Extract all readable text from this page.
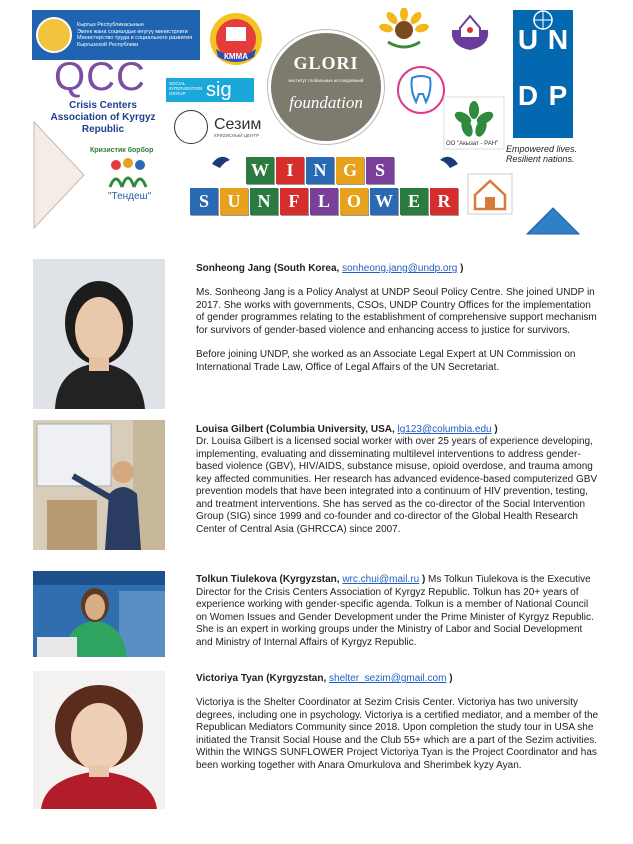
Кыргыз Республикасынын
Эмгек жана социалдык өнүгүү министрлиги
Министерство труда и социального развития
Кыргызской Республики
КММА	GLORI
институт глобальных исследований
foundation
U N
D P
Empowered lives.
Resilient nations.
QCC
Crisis Centers Association of Kyrgyz Republic
SOCIAL INTERVENTION GROUP	sig
Сезим
КРИЗИСНЫЙ ЦЕНТР
ОО "Акызат - РАН"
Кризистик борбор
"Тендеш"
W I	N G S
S	U N	F	L O W E R
Sonheong Jang (South Korea, sonheong.jang@undp.org )
Ms. Sonheong Jang is a Policy Analyst at UNDP Seoul Policy Centre. She joined UNDP in 2017. She works with governments, CSOs, UNDP Country Offices for the implementation of gender programmes relating to the establishment of comprehensive support mechanism for survivors of gender-based violence and enhancing access to justice for survivors.
Before joining UNDP, she worked as an Associate Legal Expert at UN Commission on International Trade Law, Office of Legal Affairs of the UN Secretariat.
Louisa Gilbert (Columbia University, USA, lg123@columbia.edu )
Dr. Louisa Gilbert is a licensed social worker with over 25 years of experience developing, implementing, evaluating and disseminating multilevel interventions to address gender-based violence (GBV), HIV/AIDS, substance misuse, opioid overdose, and trauma among key affected communities. Her research has advanced evidence-based computerized GBV prevention models that have been integrated into a continuum of HIV prevention, testing, and treatment interventions. She has served as the co-director of the Social Intervention Group (SIG) since 1999 and co-founder and co-director of the Global Health Research Center of Central Asia (GHRCCA) since 2007.
Tolkun Tiulekova (Kyrgyzstan, wrc.chui@mail.ru ) Ms Tolkun Tiulekova is the Executive Director for the Crisis Centers Association of Kyrgyz Republic. Tolkun has 20+ years of experience working with gender-specific agenda. Tolkun is a member of National Council on Women Issues and Gender Development under the Prime Minister of Kyrgyz Republic. She is an expert in working groups under the Ministry of Labor and Social Development and Ministry of Internal Affairs of Kyrgyz Republic.
Victoriya Tyan (Kyrgyzstan, shelter_sezim@gmail.com )
Victoriya is the Shelter Coordinator at Sezim Crisis Center. Victoriya has two university degrees, including one in psychology. Victoriya is a certified mediator, and a member of the Republican Mediators Community since 2018. Upon completion the study tour in USA she initiated the Transit Social House and the Club 55+ which are a part of the Sezim activities. Within the WINGS SUNFLOWER Project Victoriya Tyan is the Project Coordinator and has been working together with Anara Omurkulova and Sherimbek kyzy Ayan.
